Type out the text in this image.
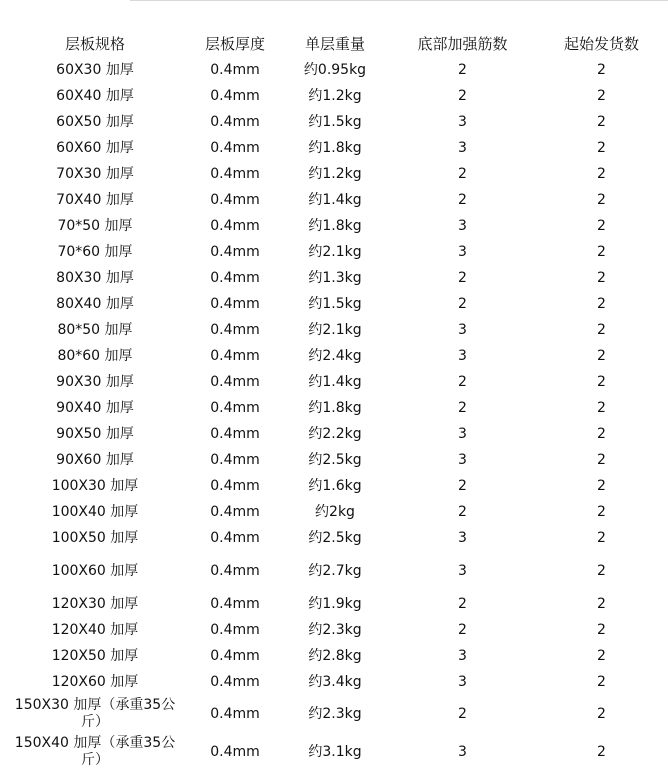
层板规格	层板厚度	单层重量	底部加强筋数	起始发货数
60X30 加厚	0.4mm	约0.95kg	2	2
60X40 加厚	0.4mm	约1.2kg	2	2
60X50 加厚	0.4mm	约1.5kg	3	2
60X60 加厚	0.4mm	约1.8kg	3	2
70X30 加厚	0.4mm	约1.2kg	2	2
70X40 加厚	0.4mm	约1.4kg	2	2
70*50 加厚	0.4mm	约1.8kg	3	2
70*60 加厚	0.4mm	约2.1kg	3	2
80X30 加厚	0.4mm	约1.3kg	2	2
80X40 加厚	0.4mm	约1.5kg	2	2
80*50 加厚	0.4mm	约2.1kg	3	2
80*60 加厚	0.4mm	约2.4kg	3	2
90X30 加厚	0.4mm	约1.4kg	2	2
90X40 加厚	0.4mm	约1.8kg	2	2
90X50 加厚	0.4mm	约2.2kg	3	2
90X60 加厚	0.4mm	约2.5kg	3	2
100X30 加厚	0.4mm	约1.6kg	2	2
100X40 加厚	0.4mm	约2kg	2	2
100X50 加厚	0.4mm	约2.5kg	3	2
100X60 加厚	0.4mm	约2.7kg	3	2
120X30 加厚	0.4mm	约1.9kg	2	2
120X40 加厚	0.4mm	约2.3kg	2	2
120X50 加厚	0.4mm	约2.8kg	3	2
120X60 加厚	0.4mm	约3.4kg	3	2
150X30 加厚（承重35公斤）	0.4mm	约2.3kg	2	2
150X40 加厚（承重35公斤）	0.4mm	约3.1kg	3	2
